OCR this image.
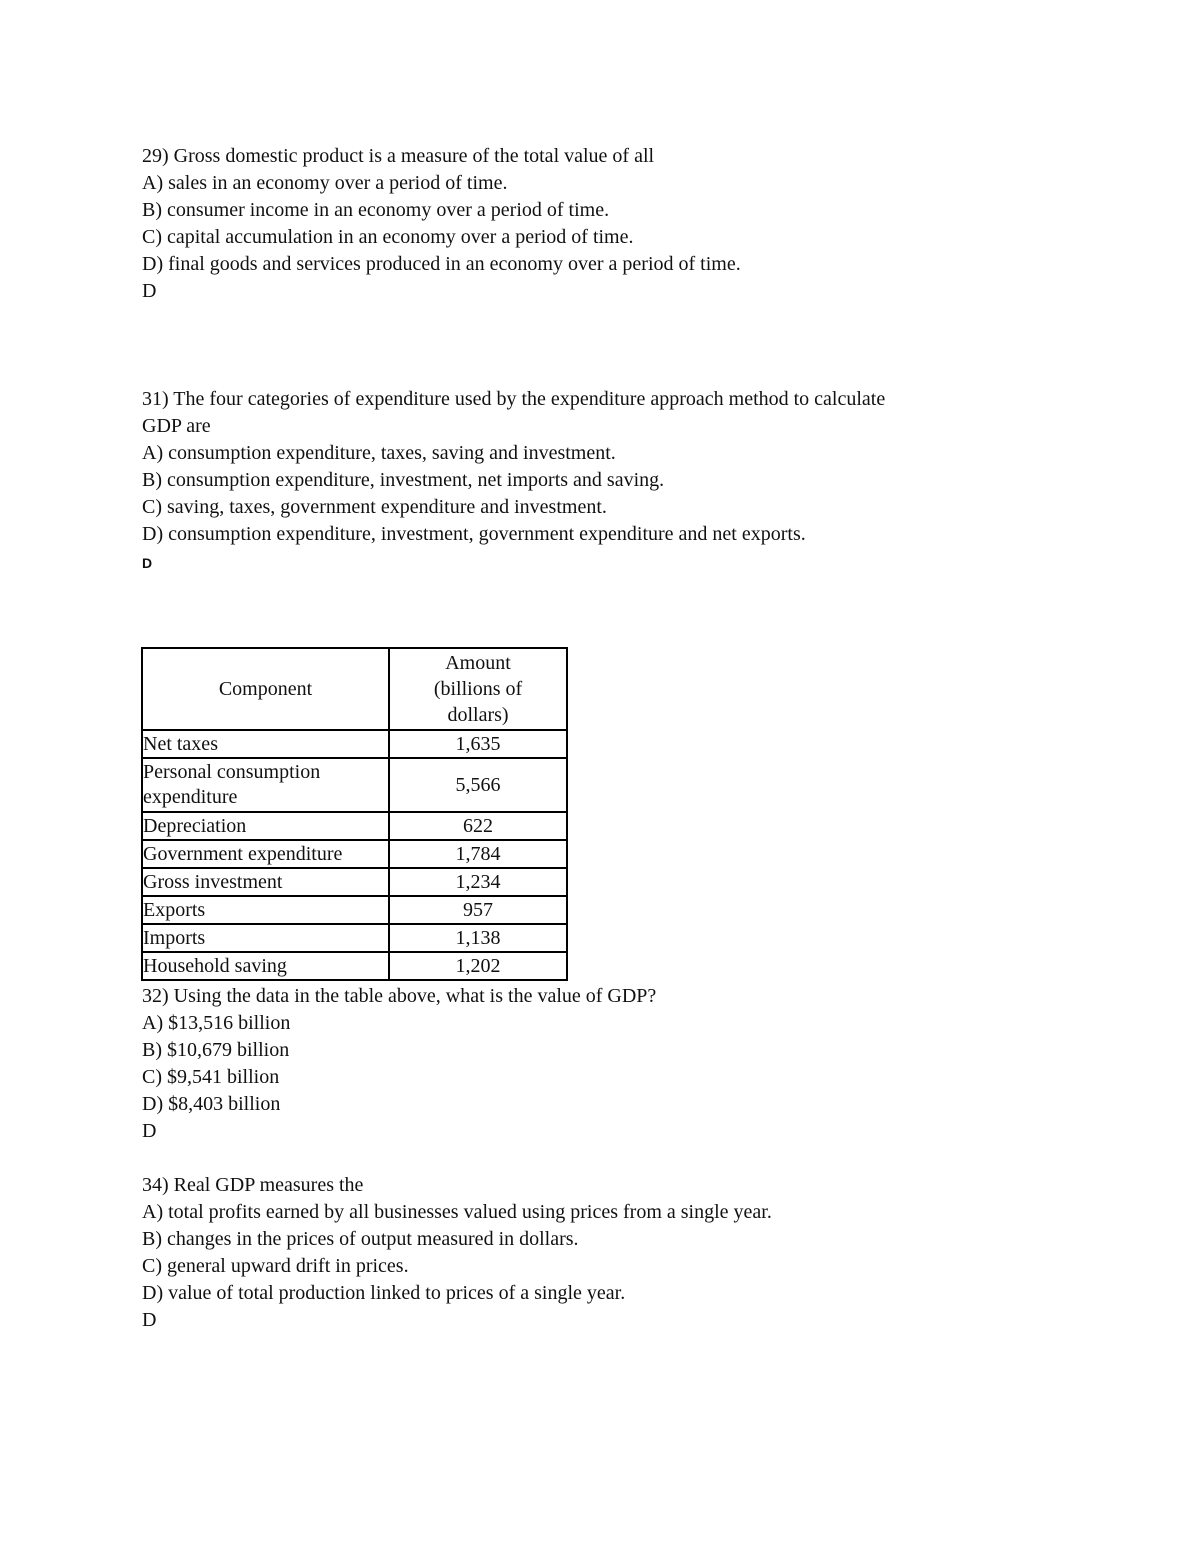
29) Gross domestic product is a measure of the total value of all
A) sales in an economy over a period of time.
B) consumer income in an economy over a period of time.
C) capital accumulation in an economy over a period of time.
D) final goods and services produced in an economy over a period of time.
D
31) The four categories of expenditure used by the expenditure approach method to calculate
GDP are
A) consumption expenditure, taxes, saving and investment.
B) consumption expenditure, investment, net imports and saving.
C) saving, taxes, government expenditure and investment.
D) consumption expenditure, investment, government expenditure and net exports.
D
Component	Amount
(billions of
dollars)
Net taxes	1,635
Personal consumption
expenditure	5,566
Depreciation	622
Government expenditure	1,784
Gross investment	1,234
Exports	957
Imports	1,138
Household saving	1,202
32) Using the data in the table above, what is the value of GDP?
A) $13,516 billion
B) $10,679 billion
C) $9,541 billion
D) $8,403 billion
D
34) Real GDP measures the
A) total profits earned by all businesses valued using prices from a single year.
B) changes in the prices of output measured in dollars.
C) general upward drift in prices.
D) value of total production linked to prices of a single year.
D
